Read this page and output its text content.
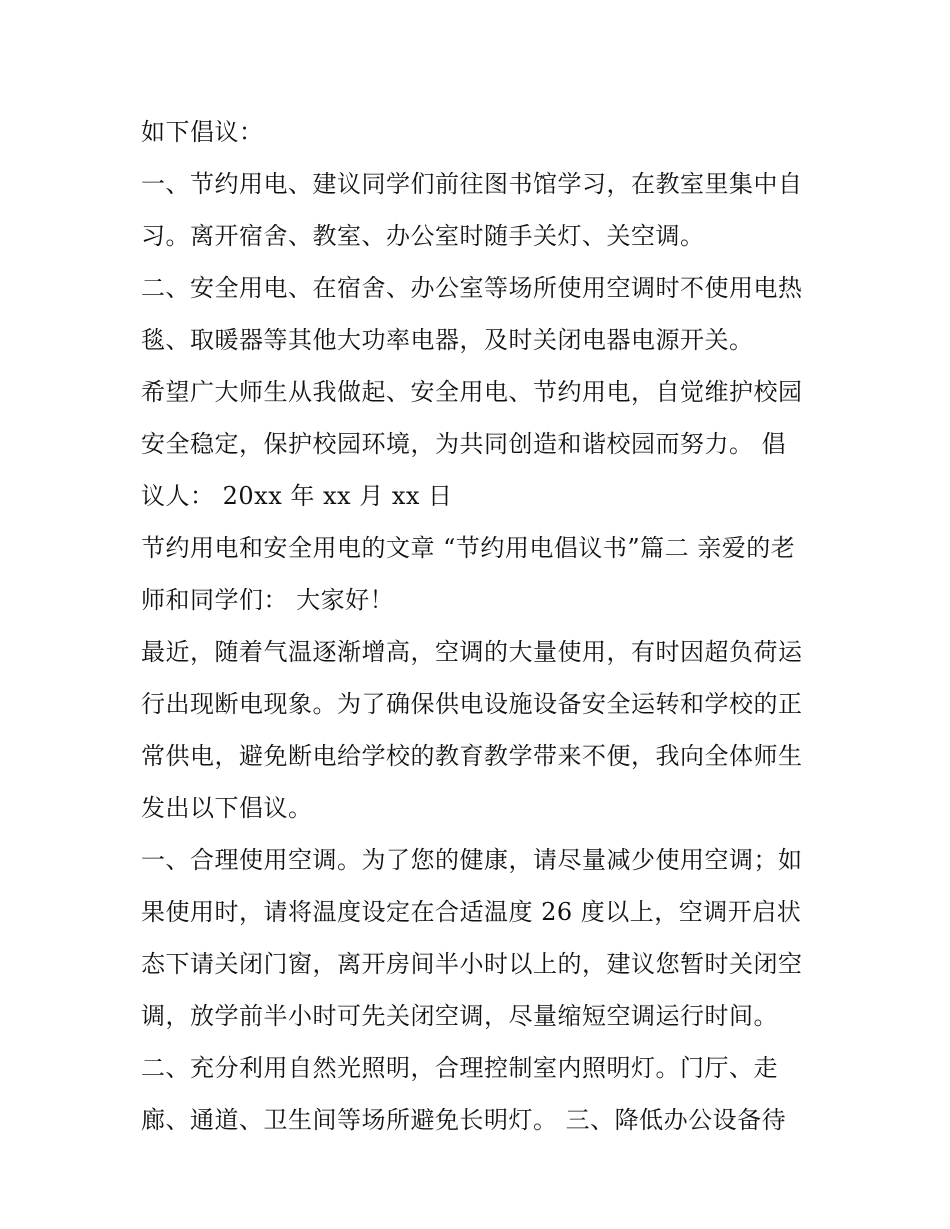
如下倡议：
一、节约用电、建议同学们前往图书馆学习，在教室里集中自
习。离开宿舍、教室、办公室时随手关灯、关空调。
二、安全用电、在宿舍、办公室等场所使用空调时不使用电热
毯、取暖器等其他大功率电器，及时关闭电器电源开关。
希望广大师生从我做起、安全用电、节约用电，自觉维护校园
安全稳定，保护校园环境，为共同创造和谐校园而努力。 倡
议人： 20xx 年 xx 月 xx 日
节约用电和安全用电的文章 “节约用电倡议书”篇二 亲爱的老
师和同学们： 大家好！
最近，随着气温逐渐增高，空调的大量使用，有时因超负荷运
行出现断电现象。为了确保供电设施设备安全运转和学校的正
常供电，避免断电给学校的教育教学带来不便，我向全体师生
发出以下倡议。
一、合理使用空调。为了您的健康，请尽量减少使用空调；如
果使用时，请将温度设定在合适温度 26 度以上，空调开启状
态下请关闭门窗，离开房间半小时以上的，建议您暂时关闭空
调，放学前半小时可先关闭空调，尽量缩短空调运行时间。
二、充分利用自然光照明，合理控制室内照明灯。门厅、走
廊、通道、卫生间等场所避免长明灯。 三、降低办公设备待
